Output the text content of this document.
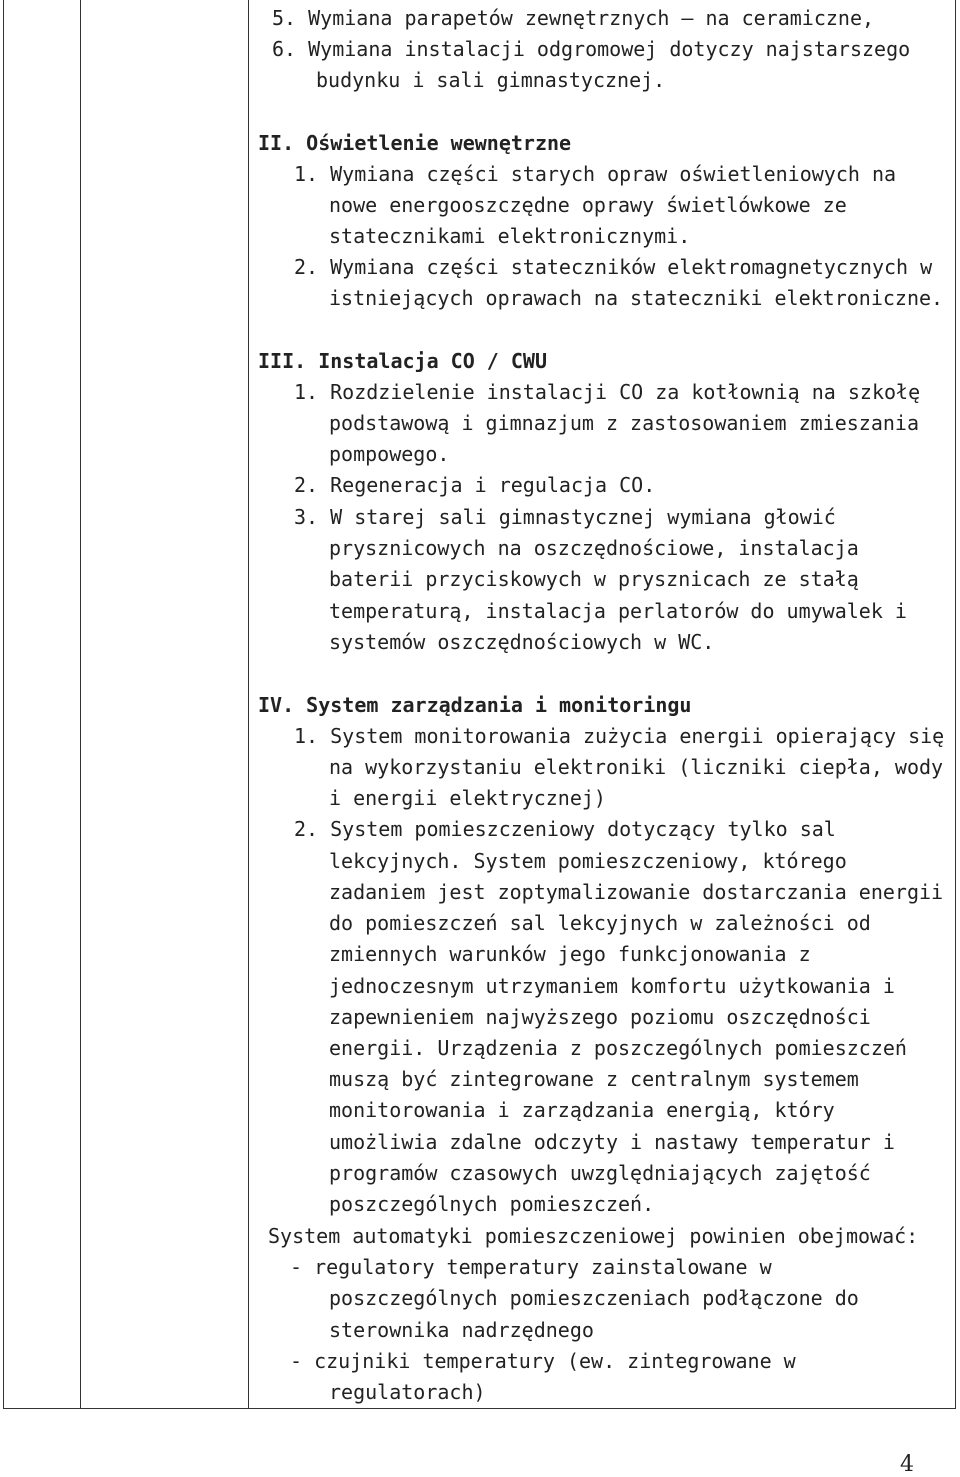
5. Wymiana parapetów zewnętrznych – na ceramiczne,
6. Wymiana instalacji odgromowej dotyczy najstarszego
budynku i sali gimnastycznej.
II. Oświetlenie wewnętrzne
1. Wymiana części starych opraw oświetleniowych na
nowe energooszczędne oprawy świetlówkowe ze
statecznikami elektronicznymi.
2. Wymiana części stateczników elektromagnetycznych w
istniejących oprawach na stateczniki elektroniczne.
III. Instalacja CO / CWU
1. Rozdzielenie instalacji CO za kotłownią na szkołę
podstawową i gimnazjum z zastosowaniem zmieszania
pompowego.
2. Regeneracja i regulacja CO.
3. W starej sali gimnastycznej wymiana głowić
prysznicowych na oszczędnościowe, instalacja
baterii przyciskowych w prysznicach ze stałą
temperaturą, instalacja perlatorów do umywalek i
systemów oszczędnościowych w WC.
IV. System zarządzania i monitoringu
1. System monitorowania zużycia energii opierający się
na wykorzystaniu elektroniki (liczniki ciepła, wody
i energii elektrycznej)
2. System pomieszczeniowy dotyczący tylko sal
lekcyjnych. System pomieszczeniowy, którego
zadaniem jest zoptymalizowanie dostarczania energii
do pomieszczeń sal lekcyjnych w zależności od
zmiennych warunków jego funkcjonowania z
jednoczesnym utrzymaniem komfortu użytkowania i
zapewnieniem najwyższego poziomu oszczędności
energii. Urządzenia z poszczególnych pomieszczeń
muszą być zintegrowane z centralnym systemem
monitorowania i zarządzania energią, który
umożliwia zdalne odczyty i nastawy temperatur i
programów czasowych uwzględniających zajętość
poszczególnych pomieszczeń.
System automatyki pomieszczeniowej powinien obejmować:
- regulatory temperatury zainstalowane w
poszczególnych pomieszczeniach podłączone do
sterownika nadrzędnego
- czujniki temperatury (ew. zintegrowane w
regulatorach)
4
